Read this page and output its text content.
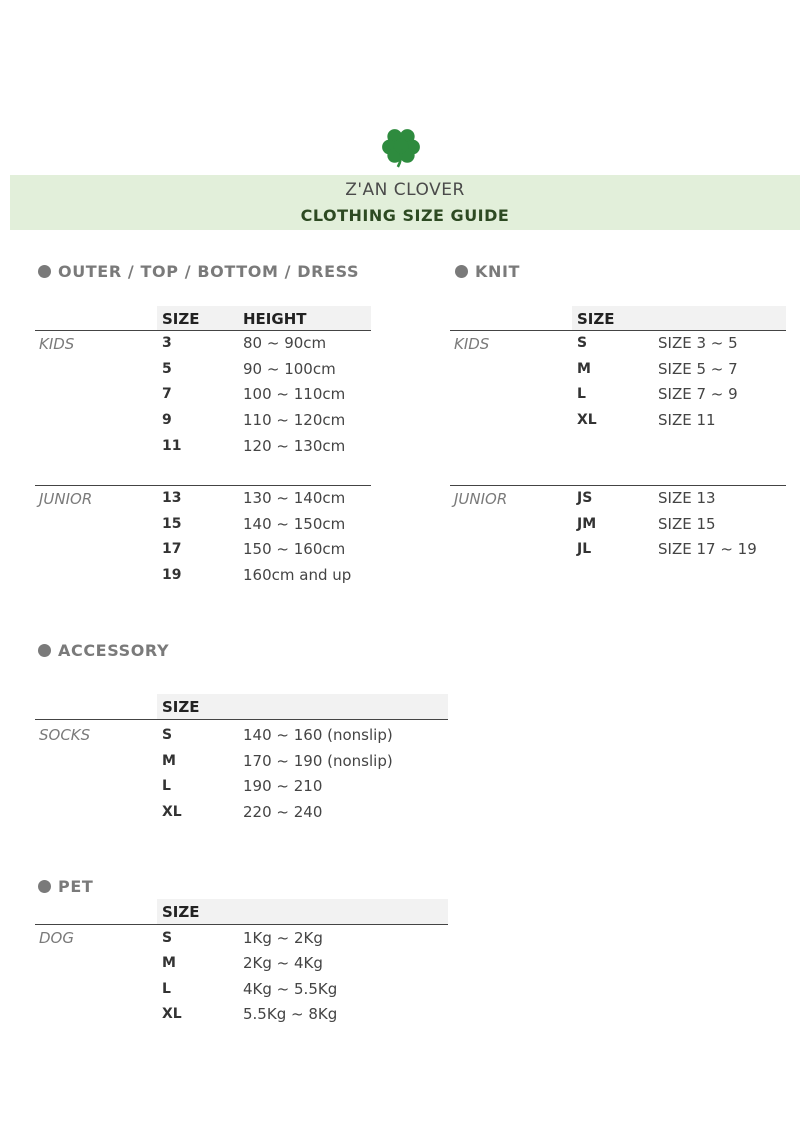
Z'AN CLOVER
CLOTHING SIZE GUIDE
OUTER / TOP / BOTTOM / DRESS
SIZE	HEIGHT
KIDS	3	80 ~ 90cm
5	90 ~ 100cm
7	100 ~ 110cm
9	110 ~ 120cm
11	120 ~ 130cm
JUNIOR	13	130 ~ 140cm
15	140 ~ 150cm
17	150 ~ 160cm
19	160cm and up
KNIT
SIZE
KIDS	S	SIZE 3 ~ 5
M	SIZE 5 ~ 7
L	SIZE 7 ~ 9
XL	SIZE 11
JUNIOR	JS	SIZE 13
JM	SIZE 15
JL	SIZE 17 ~ 19
ACCESSORY
SIZE
SOCKS	S	140 ~ 160 (nonslip)
M	170 ~ 190 (nonslip)
L	190 ~ 210
XL	220 ~ 240
PET
SIZE
DOG	S	1Kg ~ 2Kg
M	2Kg ~ 4Kg
L	4Kg ~ 5.5Kg
XL	5.5Kg ~ 8Kg
